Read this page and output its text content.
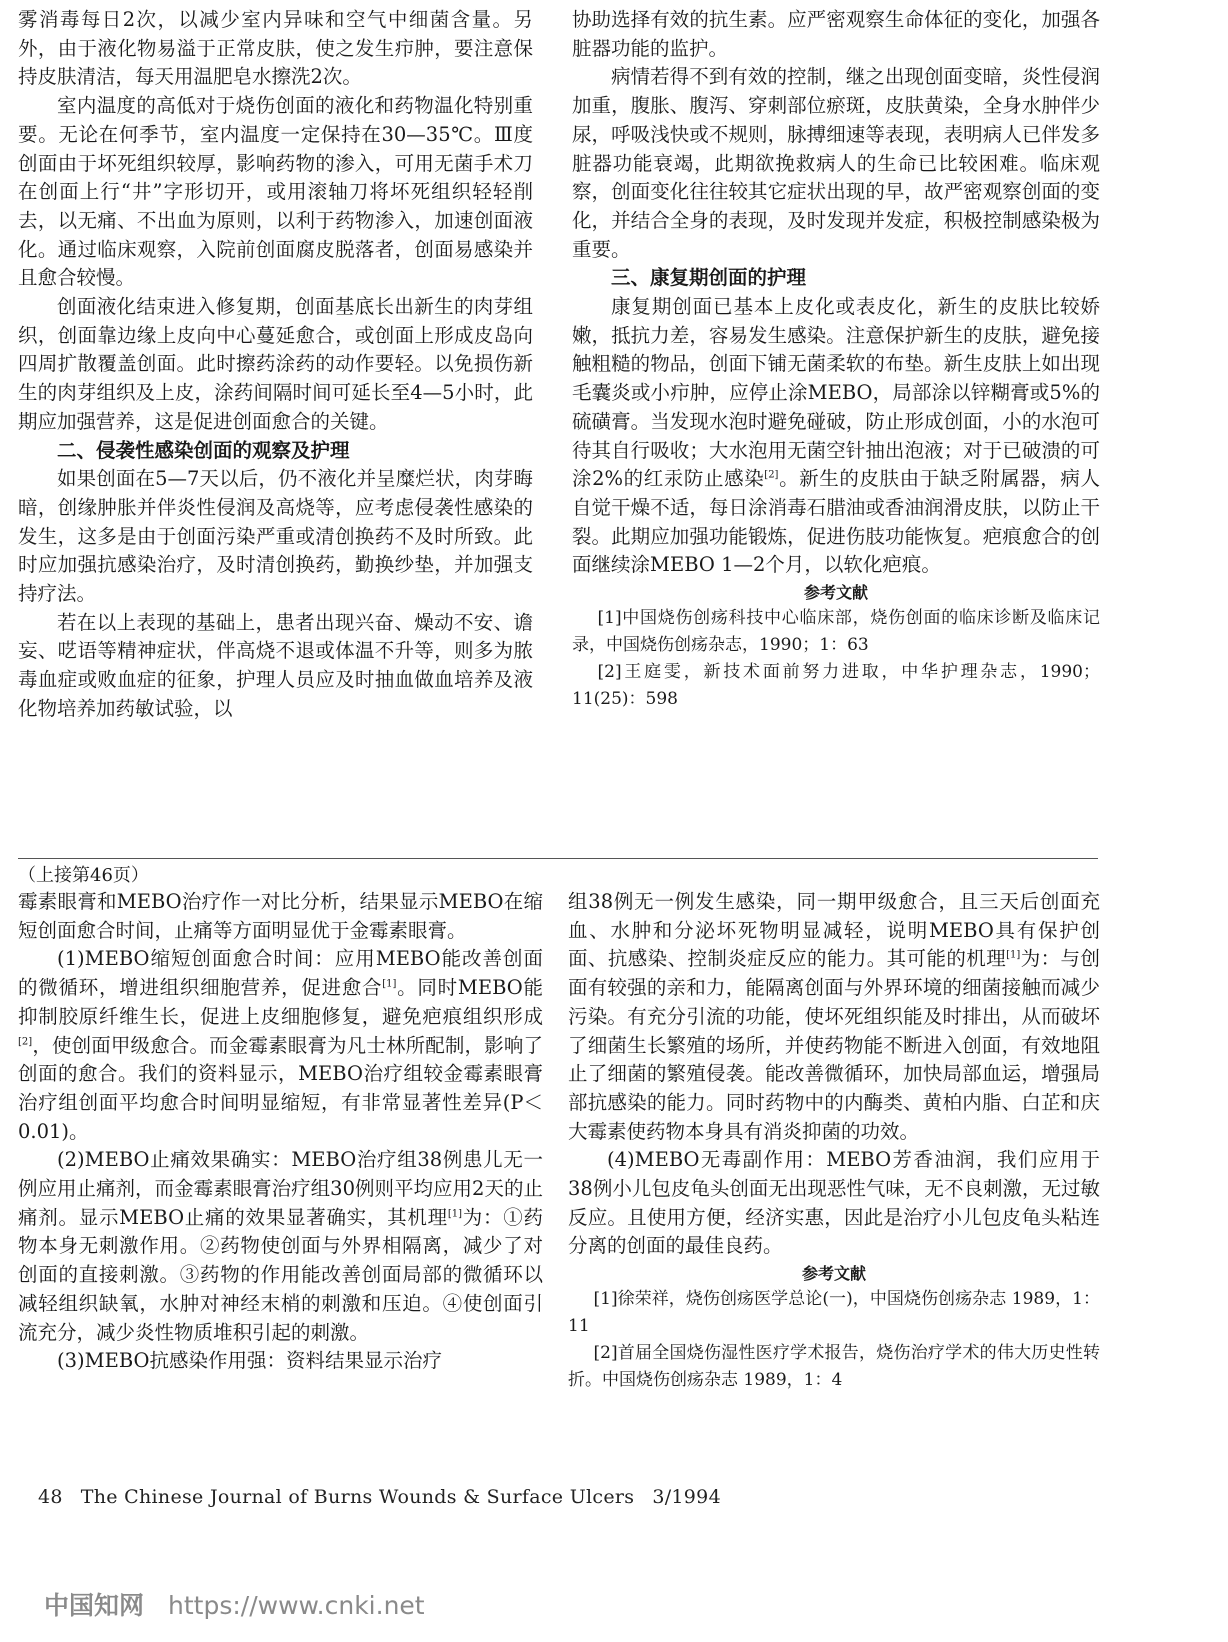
雾消毒每日2次，以减少室内异味和空气中细菌含量。另外，由于液化物易溢于正常皮肤，使之发生疖肿，要注意保持皮肤清洁，每天用温肥皂水擦洗2次。

室内温度的高低对于烧伤创面的液化和药物温化特别重要。无论在何季节，室内温度一定保持在30—35℃。Ⅲ度创面由于坏死组织较厚，影响药物的渗入，可用无菌手术刀在创面上行“井”字形切开，或用滚轴刀将坏死组织轻轻削去，以无痛、不出血为原则，以利于药物渗入，加速创面液化。通过临床观察，入院前创面腐皮脱落者，创面易感染并且愈合较慢。

创面液化结束进入修复期，创面基底长出新生的肉芽组织，创面靠边缘上皮向中心蔓延愈合，或创面上形成皮岛向四周扩散覆盖创面。此时擦药涂药的动作要轻。以免损伤新生的肉芽组织及上皮，涂药间隔时间可延长至4—5小时，此期应加强营养，这是促进创面愈合的关键。

二、侵袭性感染创面的观察及护理

如果创面在5—7天以后，仍不液化并呈糜烂状，肉芽晦暗，创缘肿胀并伴炎性侵润及高烧等，应考虑侵袭性感染的发生，这多是由于创面污染严重或清创换药不及时所致。此时应加强抗感染治疗，及时清创换药，勤换纱垫，并加强支持疗法。

若在以上表现的基础上，患者出现兴奋、燥动不安、谵妄、呓语等精神症状，伴高烧不退或体温不升等，则多为脓毒血症或败血症的征象，护理人员应及时抽血做血培养及液化物培养加药敏试验，以

协助选择有效的抗生素。应严密观察生命体征的变化，加强各脏器功能的监护。

病情若得不到有效的控制，继之出现创面变暗，炎性侵润加重，腹胀、腹泻、穿刺部位瘀斑，皮肤黄染，全身水肿伴少尿，呼吸浅快或不规则，脉搏细速等表现，表明病人已伴发多脏器功能衰竭，此期欲挽救病人的生命已比较困难。临床观察，创面变化往往较其它症状出现的早，故严密观察创面的变化，并结合全身的表现，及时发现并发症，积极控制感染极为重要。

三、康复期创面的护理

康复期创面已基本上皮化或表皮化，新生的皮肤比较娇嫩，抵抗力差，容易发生感染。注意保护新生的皮肤，避免接触粗糙的物品，创面下铺无菌柔软的布垫。新生皮肤上如出现毛囊炎或小疖肿，应停止涂MEBO，局部涂以锌糊膏或5%的硫磺膏。当发现水泡时避免碰破，防止形成创面，小的水泡可待其自行吸收；大水泡用无菌空针抽出泡液；对于已破溃的可涂2%的红汞防止感染[2]。新生的皮肤由于缺乏附属器，病人自觉干燥不适，每日涂消毒石腊油或香油润滑皮肤，以防止干裂。此期应加强功能锻炼，促进伤肢功能恢复。疤痕愈合的创面继续涂MEBO 1—2个月，以软化疤痕。

参考文献
[1]中国烧伤创疡科技中心临床部，烧伤创面的临床诊断及临床记录，中国烧伤创疡杂志，1990；1：63
[2]王庭雯，新技术面前努力进取，中华护理杂志，1990；11(25)：598
（上接第46页）

霉素眼膏和MEBO治疗作一对比分析，结果显示MEBO在缩短创面愈合时间，止痛等方面明显优于金霉素眼膏。

(1)MEBO缩短创面愈合时间：应用MEBO能改善创面的微循环，增进组织细胞营养，促进愈合[1]。同时MEBO能抑制胶原纤维生长，促进上皮细胞修复，避免疤痕组织形成[2]，使创面甲级愈合。而金霉素眼膏为凡士林所配制，影响了创面的愈合。我们的资料显示，MEBO治疗组较金霉素眼膏治疗组创面平均愈合时间明显缩短，有非常显著性差异(P＜0.01)。

(2)MEBO止痛效果确实：MEBO治疗组38例患儿无一例应用止痛剂，而金霉素眼膏治疗组30例则平均应用2天的止痛剂。显示MEBO止痛的效果显著确实，其机理[1]为：①药物本身无刺激作用。②药物使创面与外界相隔离，减少了对创面的直接刺激。③药物的作用能改善创面局部的微循环以减轻组织缺氧，水肿对神经末梢的刺激和压迫。④使创面引流充分，减少炎性物质堆积引起的刺激。

(3)MEBO抗感染作用强：资料结果显示治疗

组38例无一例发生感染，同一期甲级愈合，且三天后创面充血、水肿和分泌坏死物明显减轻，说明MEBO具有保护创面、抗感染、控制炎症反应的能力。其可能的机理[1]为：与创面有较强的亲和力，能隔离创面与外界环境的细菌接触而减少污染。有充分引流的功能，使坏死组织能及时排出，从而破坏了细菌生长繁殖的场所，并使药物能不断进入创面，有效地阻止了细菌的繁殖侵袭。能改善微循环，加快局部血运，增强局部抗感染的能力。同时药物中的内酶类、黄柏内脂、白芷和庆大霉素使药物本身具有消炎抑菌的功效。

(4)MEBO无毒副作用：MEBO芳香油润，我们应用于38例小儿包皮龟头创面无出现恶性气味，无不良刺激，无过敏反应。且使用方便，经济实惠，因此是治疗小儿包皮龟头粘连分离的创面的最佳良药。

参考文献
[1]徐荣祥，烧伤创疡医学总论(一)，中国烧伤创疡杂志 1989，1：11
[2]首届全国烧伤湿性医疗学术报告，烧伤治疗学术的伟大历史性转折。中国烧伤创疡杂志 1989，1：4
48 The Chinese Journal of Burns Wounds & Surface Ulcers 3/1994
中国知网 https://www.cnki.net
